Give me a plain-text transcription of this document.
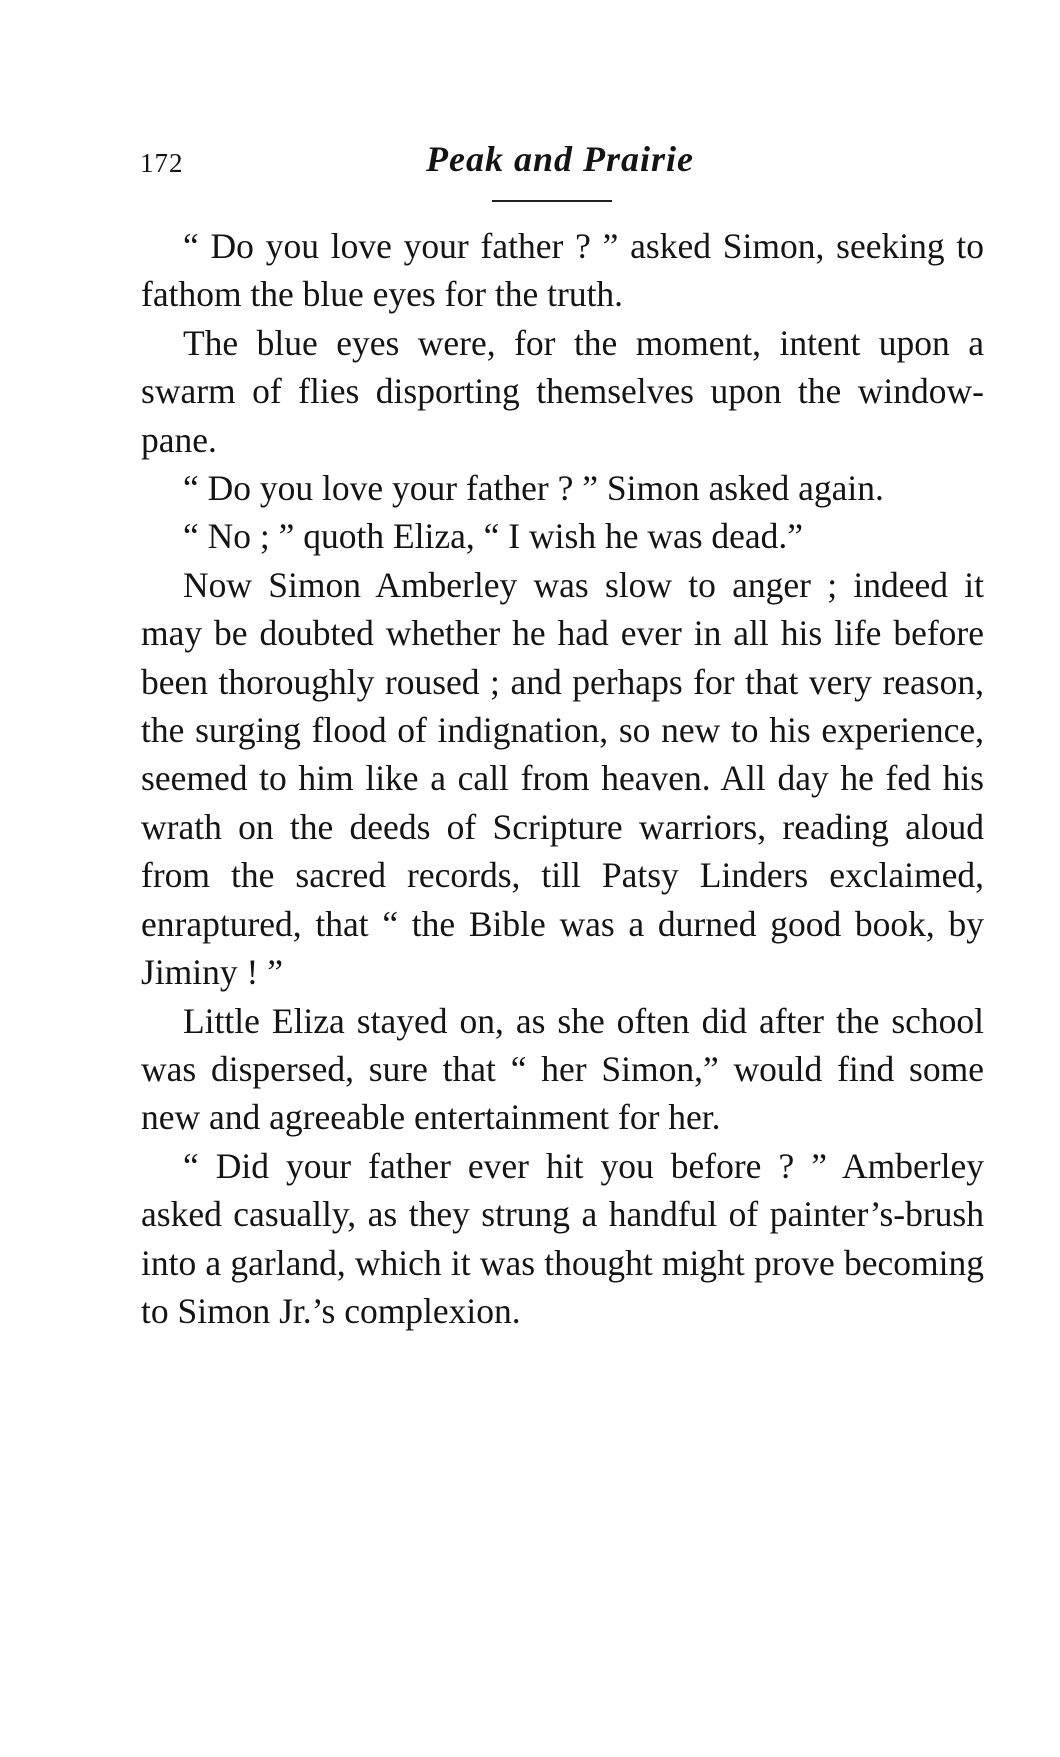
172	Peak and Prairie

“ Do you love your father ? ” asked Simon, seeking to fathom the blue eyes for the truth.

The blue eyes were, for the moment, intent upon a swarm of flies disporting themselves upon the window-pane.

“ Do you love your father ? ” Simon asked again.

“ No ; ” quoth Eliza, “ I wish he was dead.”

Now Simon Amberley was slow to anger ; indeed it may be doubted whether he had ever in all his life before been thoroughly roused ; and perhaps for that very reason, the surging flood of indignation, so new to his experience, seemed to him like a call from heaven. All day he fed his wrath on the deeds of Scripture warriors, reading aloud from the sacred records, till Patsy Linders exclaimed, enraptured, that “ the Bible was a durned good book, by Jiminy ! ”

Little Eliza stayed on, as she often did after the school was dispersed, sure that “ her Simon,” would find some new and agreeable entertainment for her.

“ Did your father ever hit you before ? ” Amberley asked casually, as they strung a handful of painter’s-brush into a garland, which it was thought might prove becoming to Simon Jr.’s complexion.
